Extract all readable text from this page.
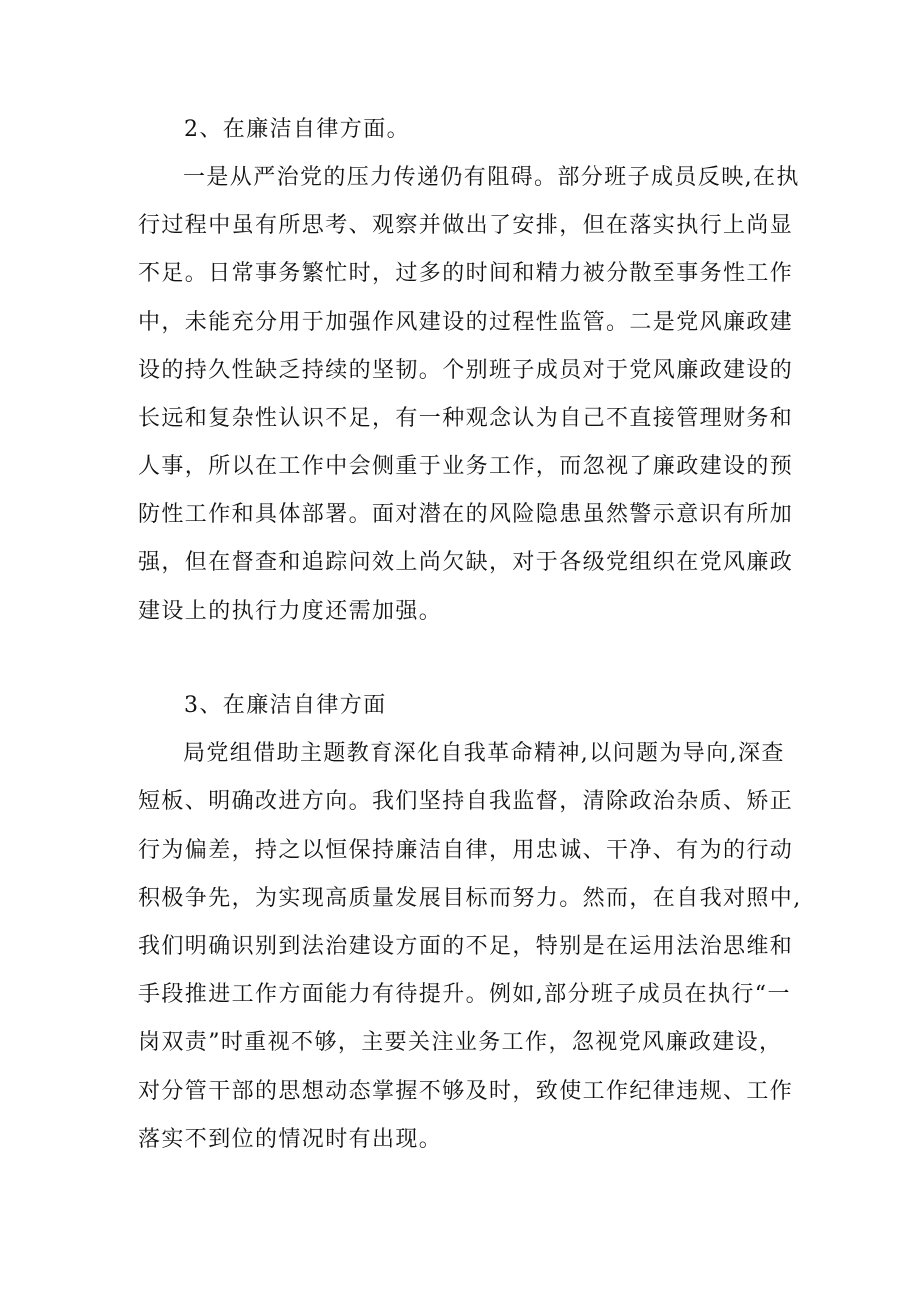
2、在廉洁自律方面。
一是从严治党的压力传递仍有阻碍。部分班子成员反映,在执
行过程中虽有所思考、观察并做出了安排，但在落实执行上尚显
不足。日常事务繁忙时，过多的时间和精力被分散至事务性工作
中，未能充分用于加强作风建设的过程性监管。二是党风廉政建
设的持久性缺乏持续的坚韧。个别班子成员对于党风廉政建设的
长远和复杂性认识不足，有一种观念认为自己不直接管理财务和
人事，所以在工作中会侧重于业务工作，而忽视了廉政建设的预
防性工作和具体部署。面对潜在的风险隐患虽然警示意识有所加
强，但在督查和追踪问效上尚欠缺，对于各级党组织在党风廉政
建设上的执行力度还需加强。
3、在廉洁自律方面
局党组借助主题教育深化自我革命精神,以问题为导向,深查
短板、明确改进方向。我们坚持自我监督，清除政治杂质、矫正
行为偏差，持之以恒保持廉洁自律，用忠诚、干净、有为的行动
积极争先，为实现高质量发展目标而努力。然而，在自我对照中,
我们明确识别到法治建设方面的不足，特别是在运用法治思维和
手段推进工作方面能力有待提升。例如,部分班子成员在执行“一
岗双责”时重视不够，主要关注业务工作，忽视党风廉政建设，
对分管干部的思想动态掌握不够及时，致使工作纪律违规、工作
落实不到位的情况时有出现。
